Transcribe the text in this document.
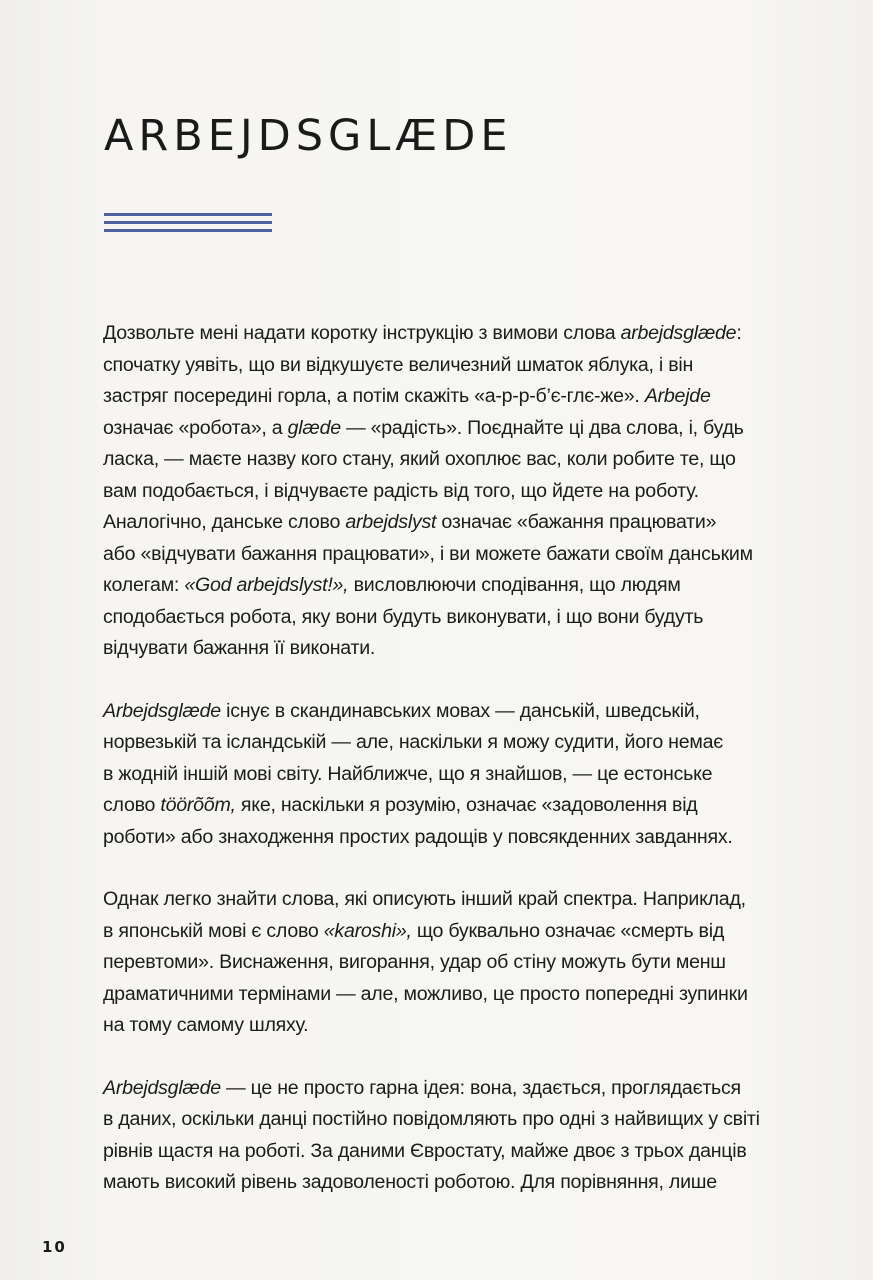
ARBEJDSGLÆDE

Дозвольте мені надати коротку інструкцію з вимови слова arbejdsglæde:
спочатку уявіть, що ви відкушуєте величезний шматок яблука, і він
застряг посередині горла, а потім скажіть «а-р-р-б’є-глє-же». Arbejde
означає «робота», а glæde — «радість». Поєднайте ці два слова, і, будь
ласка, — маєте назву кого стану, який охоплює вас, коли робите те, що
вам подобається, і відчуваєте радість від того, що йдете на роботу.
Аналогічно, данське слово arbejdslyst означає «бажання працювати»
або «відчувати бажання працювати», і ви можете бажати своїм данським
колегам: «God arbejdslyst!», висловлюючи сподівання, що людям
сподобається робота, яку вони будуть виконувати, і що вони будуть
відчувати бажання її виконати.

Arbejdsglæde існує в скандинавських мовах — данській, шведській,
норвезькій та ісландській — але, наскільки я можу судити, його немає
в жодній іншій мові світу. Найближче, що я знайшов, — це естонське
слово töörõõm, яке, наскільки я розумію, означає «задоволення від
роботи» або знаходження простих радощів у повсякденних завданнях.

Однак легко знайти слова, які описують інший край спектра. Наприклад,
в японській мові є слово «karoshi», що буквально означає «смерть від
перевтоми». Виснаження, вигорання, удар об стіну можуть бути менш
драматичними термінами — але, можливо, це просто попередні зупинки
на тому самому шляху.

Arbejdsglæde — це не просто гарна ідея: вона, здається, проглядається
в даних, оскільки данці постійно повідомляють про одні з найвищих у світі
рівнів щастя на роботі. За даними Євростату, майже двоє з трьох данців
мають високий рівень задоволеності роботою. Для порівняння, лише

10
